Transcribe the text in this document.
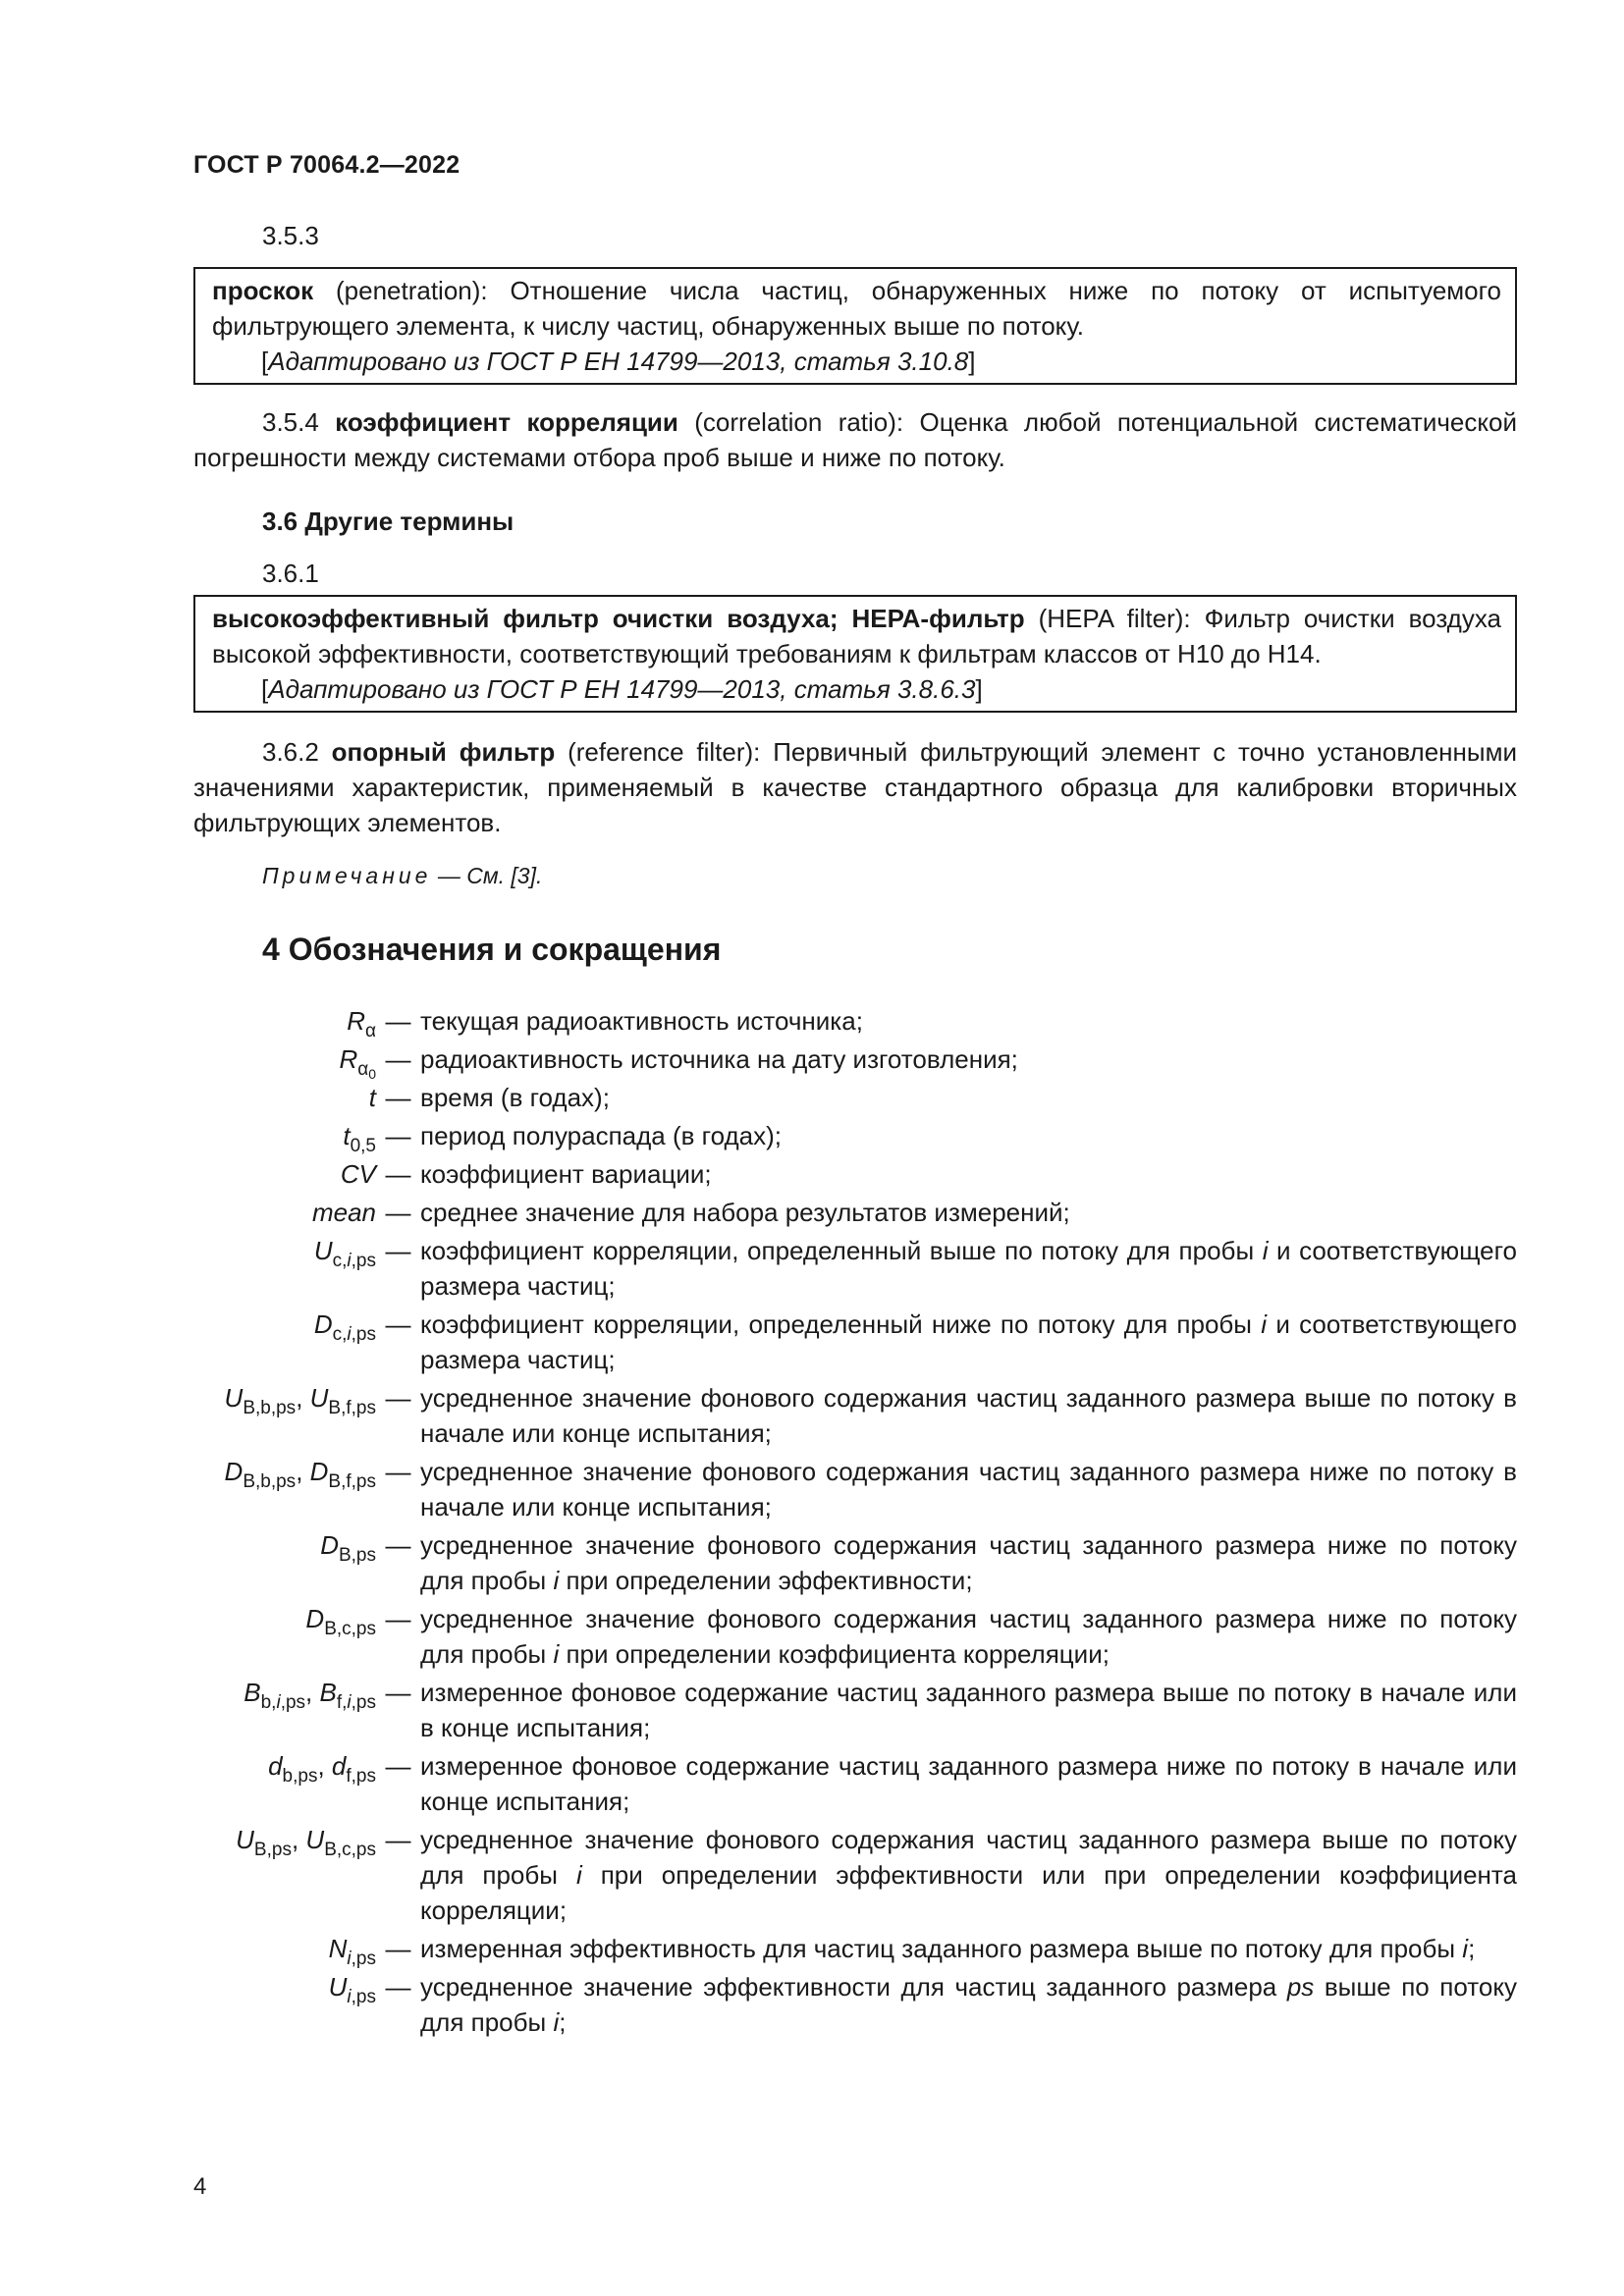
ГОСТ Р 70064.2—2022
3.5.3

проскок (penetration): Отношение числа частиц, обнаруженных ниже по потоку от испытуемого фильтрующего элемента, к числу частиц, обнаруженных выше по потоку.

[Адаптировано из ГОСТ Р ЕН 14799—2013, статья 3.10.8]

3.5.4 коэффициент корреляции (correlation ratio): Оценка любой потенциальной систематической погрешности между системами отбора проб выше и ниже по потоку.

3.6 Другие термины
3.6.1

высокоэффективный фильтр очистки воздуха; НЕРА-фильтр (HEPA filter): Фильтр очистки воздуха высокой эффективности, соответствующий требованиям к фильтрам классов от H10 до H14.

[Адаптировано из ГОСТ Р ЕН 14799—2013, статья 3.8.6.3]

3.6.2 опорный фильтр (reference filter): Первичный фильтрующий элемент с точно установленными значениями характеристик, применяемый в качестве стандартного образца для калибровки вторичных фильтрующих элементов.

Примечание — См. [3].
4 Обозначения и сокращения
$R_\alpha$ — текущая радиоактивность источника;
$R_{\alpha_0}$ — радиоактивность источника на дату изготовления;
t — время (в годах);
$t_{0,5}$ — период полураспада (в годах);
CV — коэффициент вариации;
mean — среднее значение для набора результатов измерений;
$U_{c,i,ps}$ — коэффициент корреляции, определенный выше по потоку для пробы i и соответствующего размера частиц;
$D_{c,i,ps}$ — коэффициент корреляции, определенный ниже по потоку для пробы i и соответствующего размера частиц;
$U_{B,b,ps}$, $U_{B,f,ps}$ — усредненное значение фонового содержания частиц заданного размера выше по потоку в начале или конце испытания;
$D_{B,b,ps}$, $D_{B,f,ps}$ — усредненное значение фонового содержания частиц заданного размера ниже по потоку в начале или конце испытания;
$D_{B,ps}$ — усредненное значение фонового содержания частиц заданного размера ниже по потоку для пробы i при определении эффективности;
$D_{B,c,ps}$ — усредненное значение фонового содержания частиц заданного размера ниже по потоку для пробы i при определении коэффициента корреляции;
$B_{b,i,ps}$, $B_{f,i,ps}$ — измеренное фоновое содержание частиц заданного размера выше по потоку в начале или в конце испытания;
$d_{b,ps}$, $d_{f,ps}$ — измеренное фоновое содержание частиц заданного размера ниже по потоку в начале или конце испытания;
$U_{B,ps}$, $U_{B,c,ps}$ — усредненное значение фонового содержания частиц заданного размера выше по потоку для пробы i при определении эффективности или при определении коэффициента корреляции;
$N_{i,ps}$ — измеренная эффективность для частиц заданного размера выше по потоку для пробы i;
$U_{i,ps}$ — усредненное значение эффективности для частиц заданного размера ps выше по потоку для пробы i;
4
